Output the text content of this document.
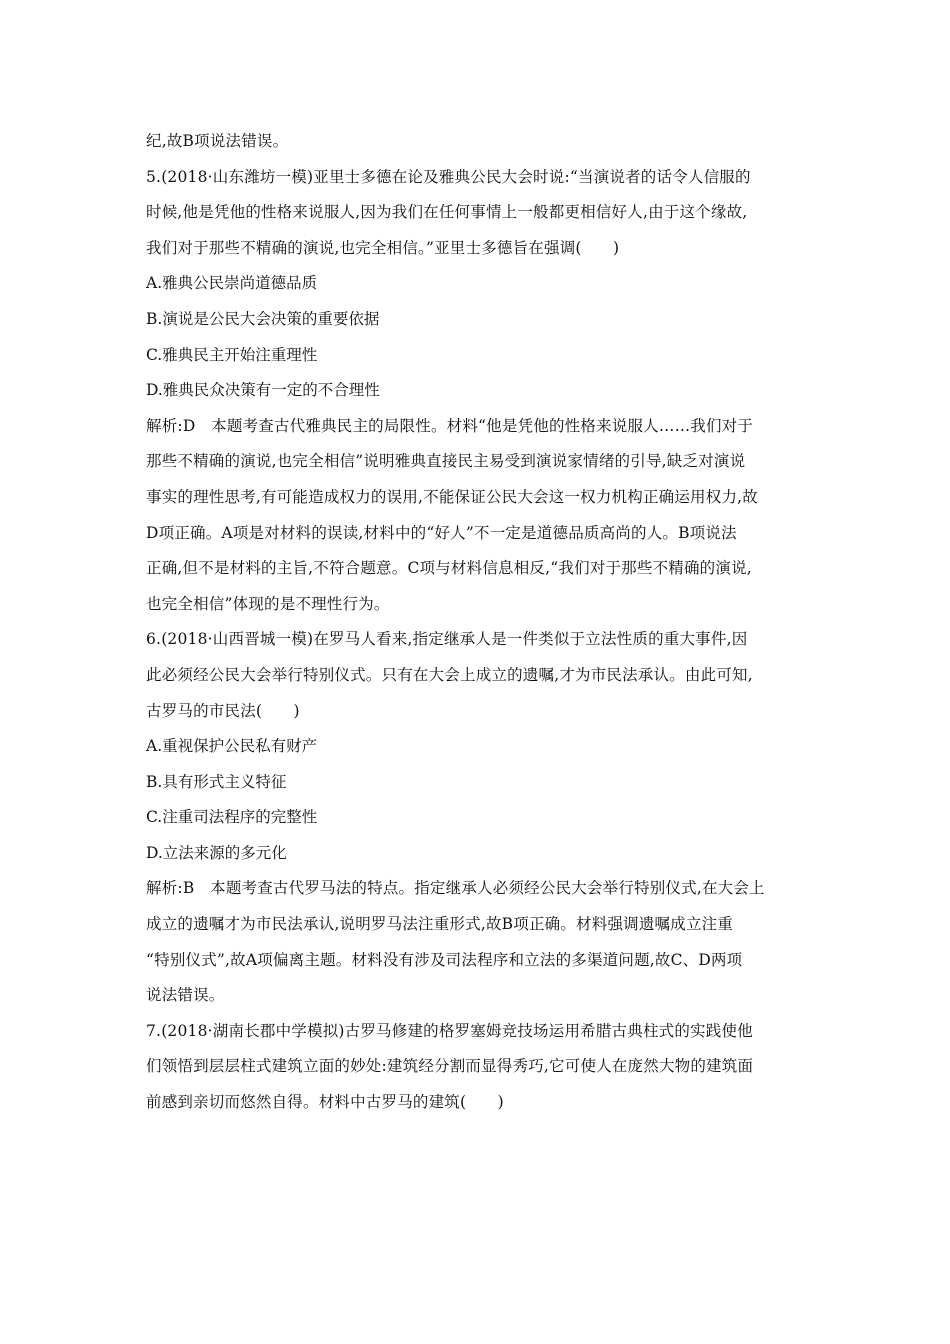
纪,故B项说法错误。
5.(2018·山东潍坊一模)亚里士多德在论及雅典公民大会时说:“当演说者的话令人信服的
时候,他是凭他的性格来说服人,因为我们在任何事情上一般都更相信好人,由于这个缘故,
我们对于那些不精确的演说,也完全相信。”亚里士多德旨在强调(　　)
A.雅典公民崇尚道德品质
B.演说是公民大会决策的重要依据
C.雅典民主开始注重理性
D.雅典民众决策有一定的不合理性
解析:D　本题考查古代雅典民主的局限性。材料“他是凭他的性格来说服人……我们对于
那些不精确的演说,也完全相信”说明雅典直接民主易受到演说家情绪的引导,缺乏对演说
事实的理性思考,有可能造成权力的误用,不能保证公民大会这一权力机构正确运用权力,故
D项正确。A项是对材料的误读,材料中的“好人”不一定是道德品质高尚的人。B项说法
正确,但不是材料的主旨,不符合题意。C项与材料信息相反,“我们对于那些不精确的演说,
也完全相信”体现的是不理性行为。
6.(2018·山西晋城一模)在罗马人看来,指定继承人是一件类似于立法性质的重大事件,因
此必须经公民大会举行特别仪式。只有在大会上成立的遗嘱,才为市民法承认。由此可知,
古罗马的市民法(　　)
A.重视保护公民私有财产
B.具有形式主义特征
C.注重司法程序的完整性
D.立法来源的多元化
解析:B　本题考查古代罗马法的特点。指定继承人必须经公民大会举行特别仪式,在大会上
成立的遗嘱才为市民法承认,说明罗马法注重形式,故B项正确。材料强调遗嘱成立注重
“特别仪式”,故A项偏离主题。材料没有涉及司法程序和立法的多渠道问题,故C、D两项
说法错误。
7.(2018·湖南长郡中学模拟)古罗马修建的格罗塞姆竞技场运用希腊古典柱式的实践使他
们领悟到层层柱式建筑立面的妙处:建筑经分割而显得秀巧,它可使人在庞然大物的建筑面
前感到亲切而悠然自得。材料中古罗马的建筑(　　)
